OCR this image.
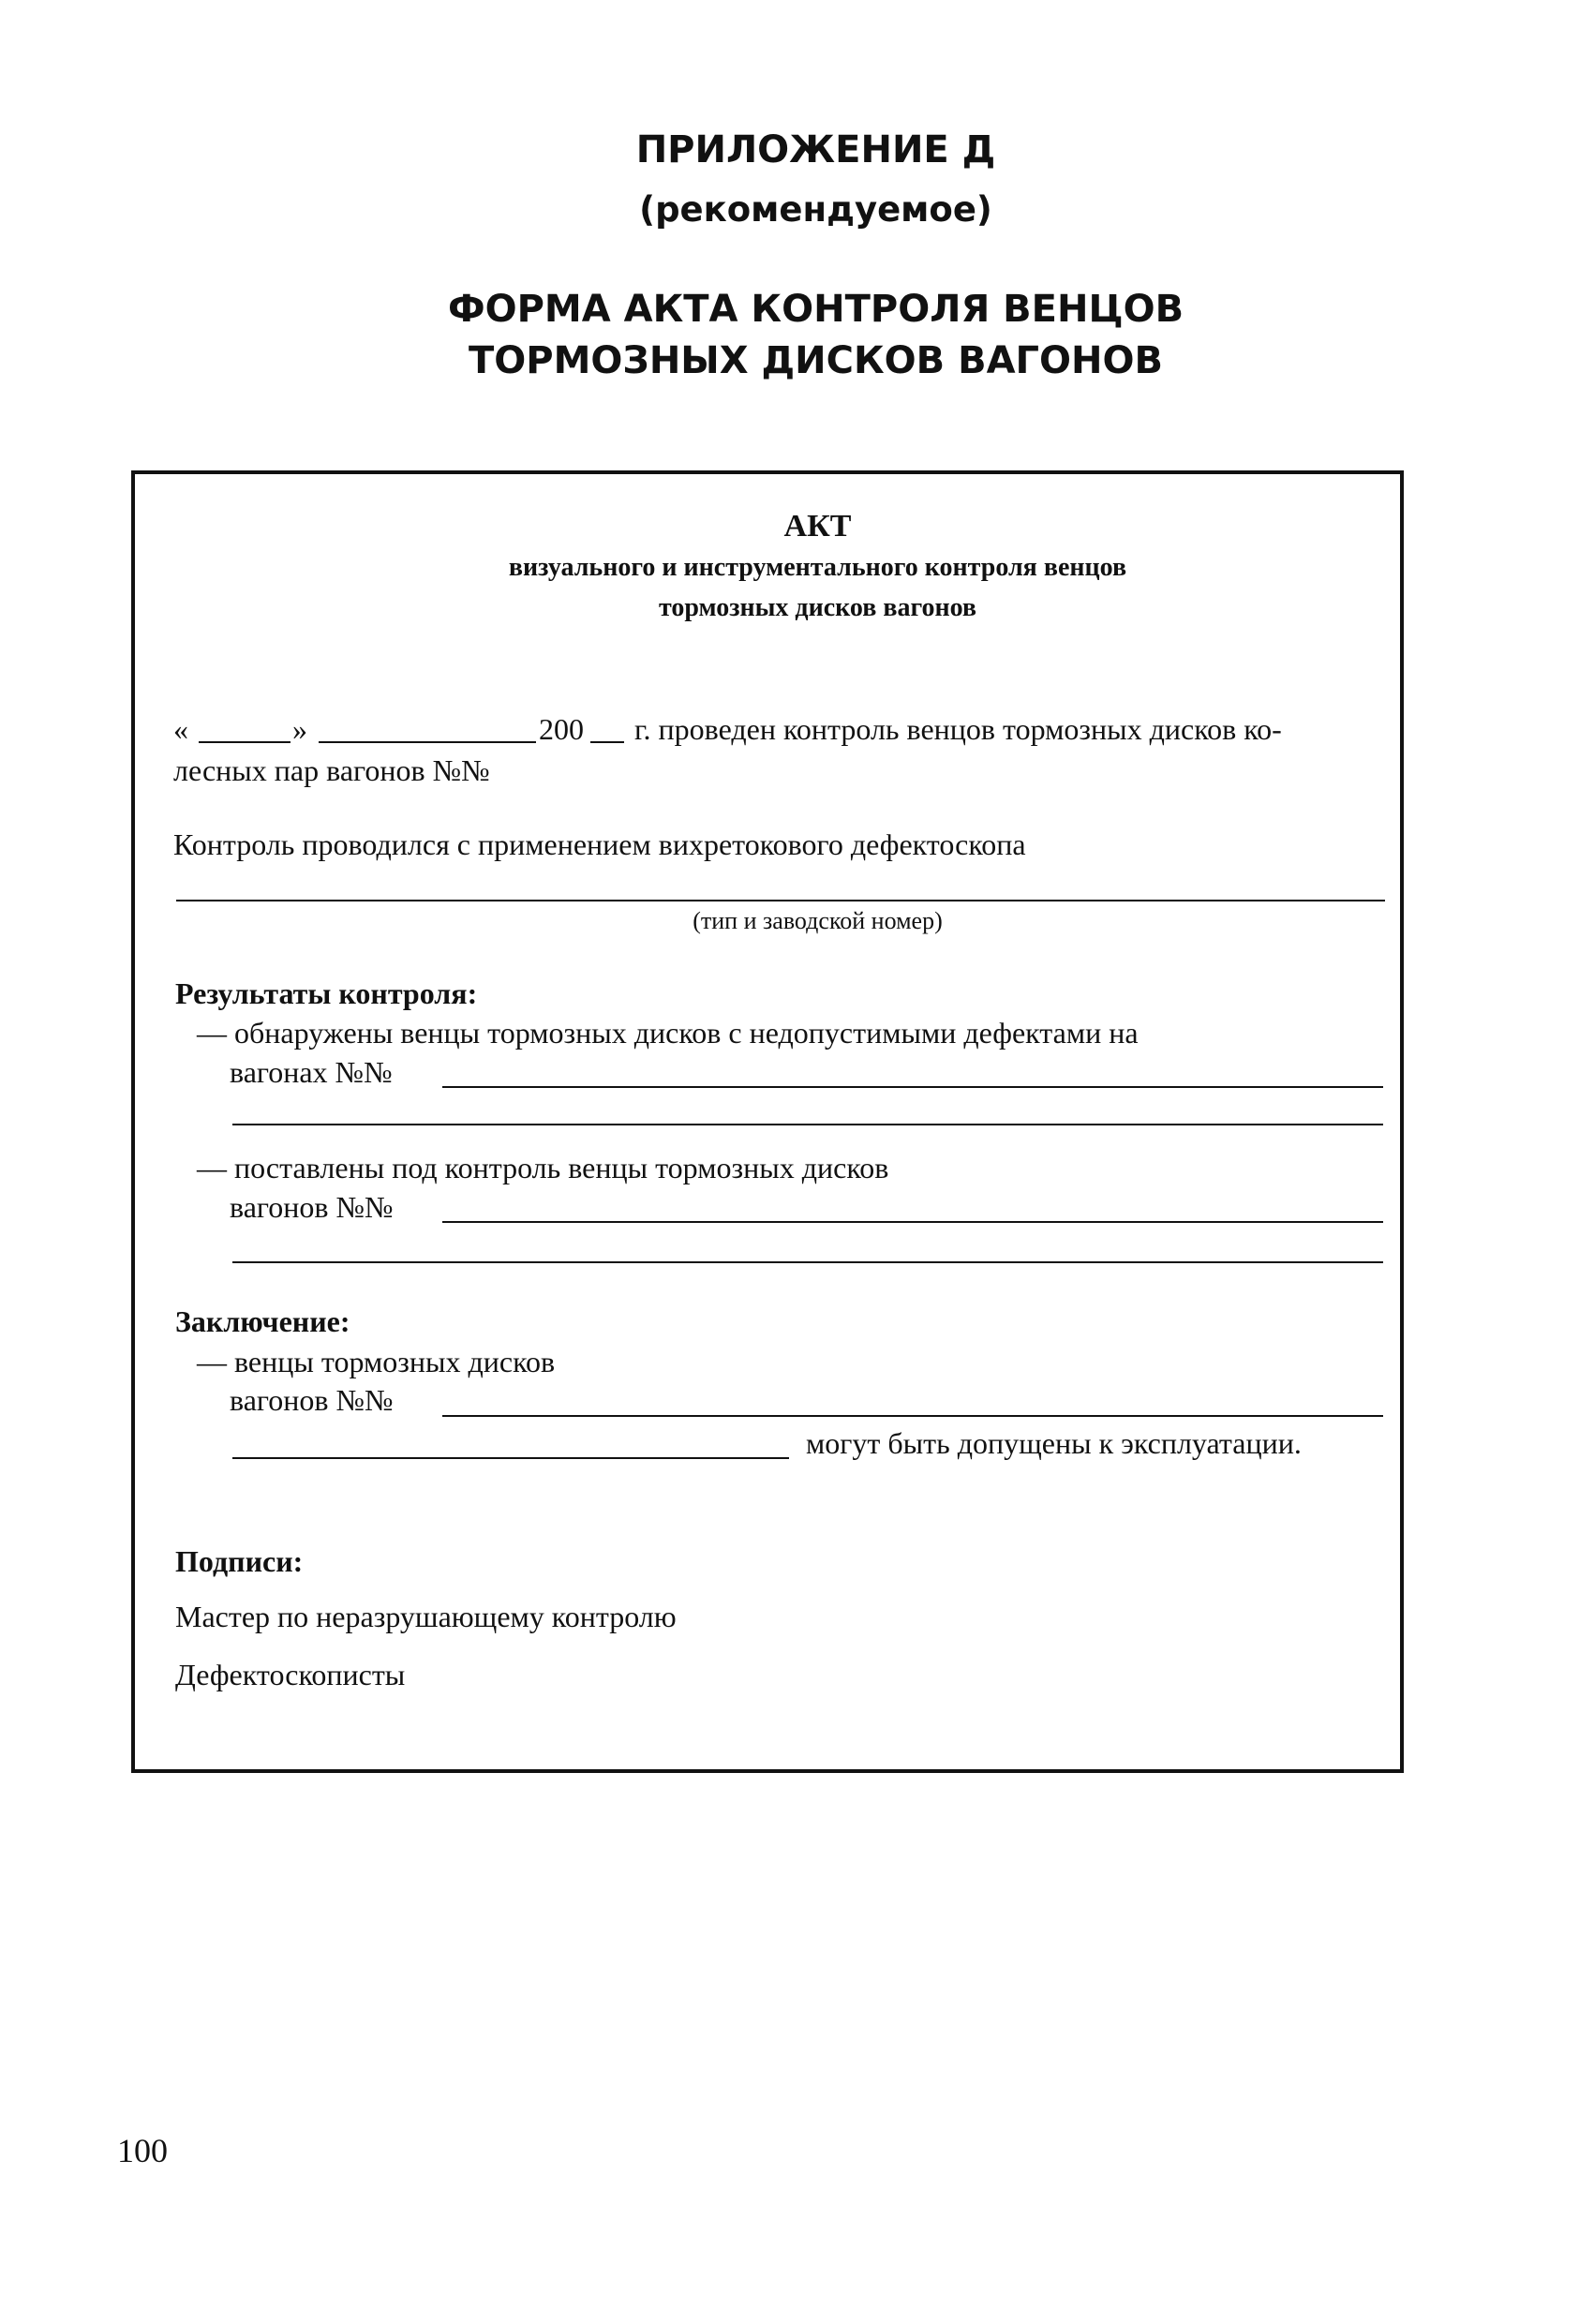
ПРИЛОЖЕНИЕ Д
(рекомендуемое)
ФОРМА АКТА КОНТРОЛЯ ВЕНЦОВ
ТОРМОЗНЫХ ДИСКОВ ВАГОНОВ
АКТ
визуального и инструментального контроля венцов
тормозных дисков вагонов
«	»	200 г. проведен контроль венцов тормозных дисков ко-
лесных пар вагонов №№
Контроль проводился с применением вихретокового дефектоскопа
(тип и заводской номер)
Результаты контроля:
— обнаружены венцы тормозных дисков с недопустимыми дефектами на
вагонах №№
— поставлены под контроль венцы тормозных дисков
вагонов №№
Заключение:
— венцы тормозных дисков
вагонов №№
могут быть допущены к эксплуатации.
Подписи:
Мастер по неразрушающему контролю
Дефектоскописты
100
